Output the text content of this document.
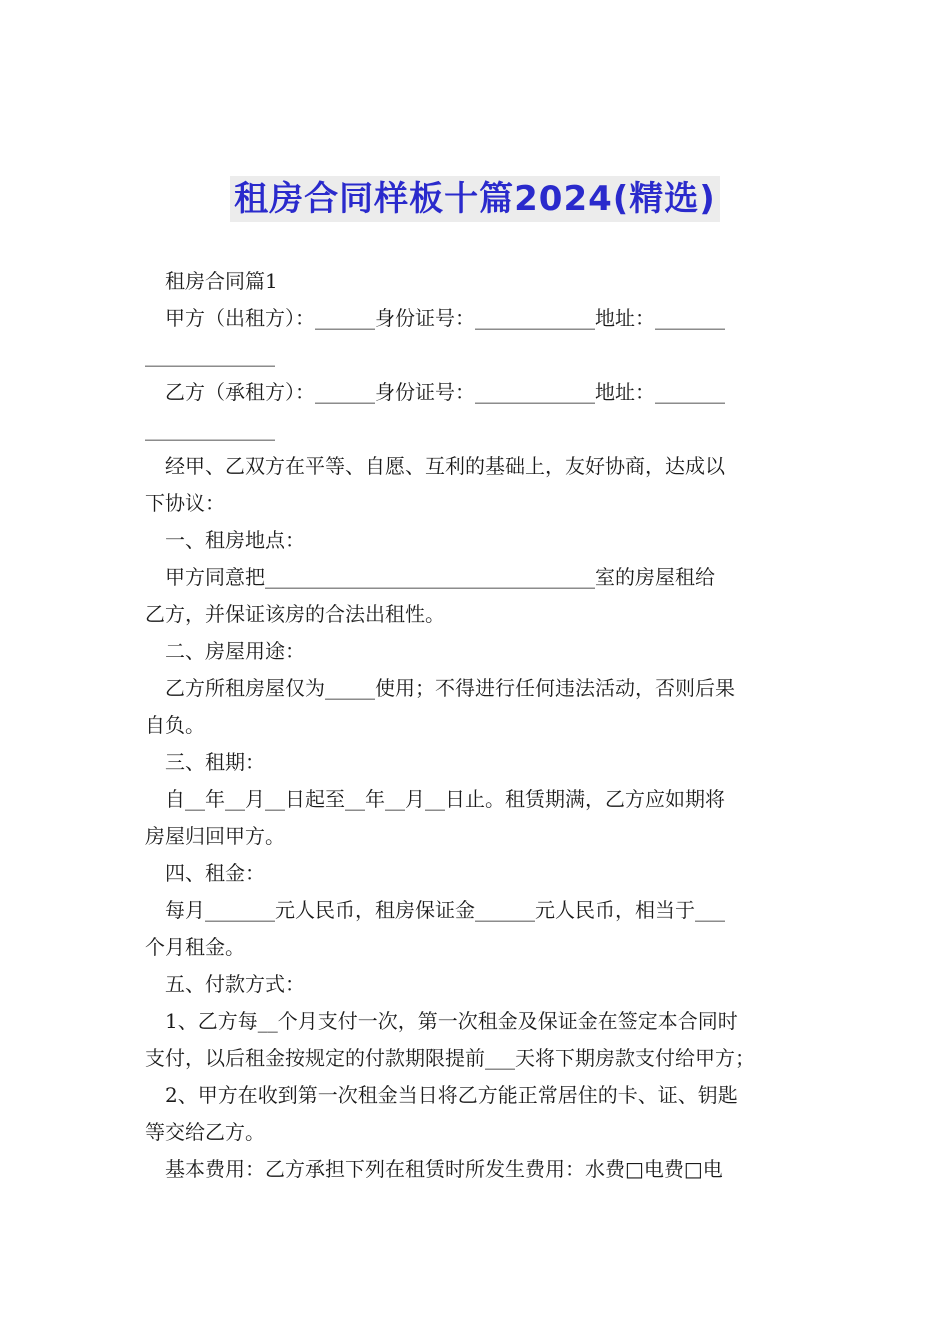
租房合同样板十篇2024(精选)

租房合同篇1

甲方（出租方）：______身份证号：____________地址：_______

_____________

乙方（承租方）：______身份证号：____________地址：_______

_____________

经甲、乙双方在平等、自愿、互利的基础上，友好协商，达成以

下协议：

一、租房地点：

甲方同意把_________________________________室的房屋租给

乙方，并保证该房的合法出租性。

二、房屋用途：

乙方所租房屋仅为_____使用；不得进行任何违法活动，否则后果

自负。

三、租期：

自__年__月__日起至__年__月__日止。租赁期满，乙方应如期将

房屋归回甲方。

四、租金：

每月_______元人民币，租房保证金______元人民币，相当于___

个月租金。

五、付款方式：

1、乙方每__个月支付一次，第一次租金及保证金在签定本合同时

支付，以后租金按规定的付款期限提前___天将下期房款支付给甲方；

2、甲方在收到第一次租金当日将乙方能正常居住的卡、证、钥匙

等交给乙方。

基本费用：乙方承担下列在租赁时所发生费用：水费□电费□电
